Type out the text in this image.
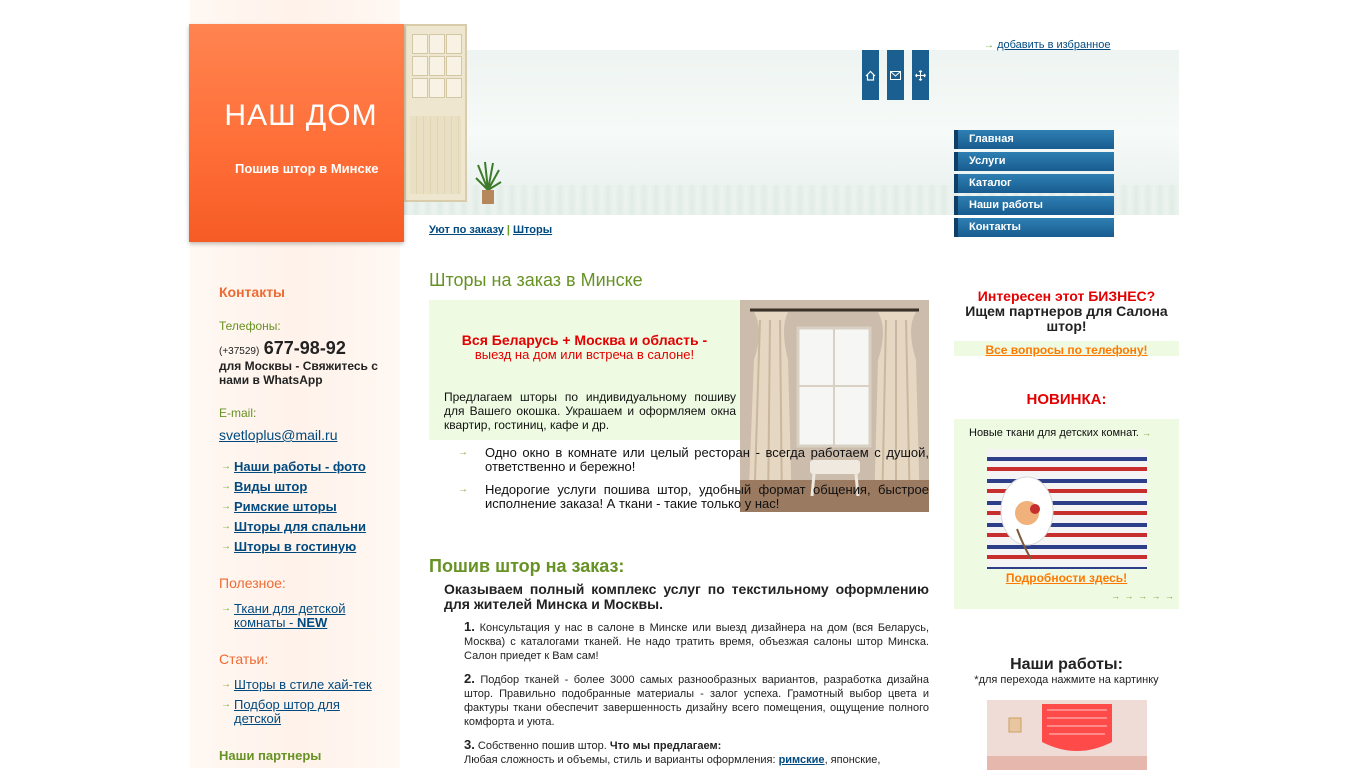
НАШ ДОМ
Пошив штор в Минске
→ добавить в избранное
Главная
Услуги
Каталог
Наши работы
Контакты
Уют по заказу | Шторы
Контакты
Телефоны:
(+37529) 677-98-92
для Москвы - Свяжитесь с нами в WhatsApp
E-mail:
svetloplus@mail.ru
→ Наши работы - фото
→ Виды штор
→ Римские шторы
→ Шторы для спальни
→ Шторы в гостиную
Полезное:
→ Ткани для детской комнаты - NEW
Статьи:
→ Шторы в стиле хай-тек
→ Подбор штор для детской
Наши партнеры
Шторы на заказ в Минске
Вся Беларусь + Москва и область -
выезд на дом или встреча в салоне!
Предлагаем шторы по индивидуальному пошиву для Вашего окошка. Украшаем и оформляем окна квартир, гостиниц, кафе и др.
→ Одно окно в комнате или целый ресторан - всегда работаем с душой, ответственно и бережно!
→ Недорогие услуги пошива штор, удобный формат общения, быстрое исполнение заказа! А ткани - такие только у нас!
Пошив штор на заказ:
Оказываем полный комплекс услуг по текстильному оформлению для жителей Минска и Москвы.
1. Консультация у нас в салоне в Минске или выезд дизайнера на дом (вся Беларусь, Москва) с каталогами тканей. Не надо тратить время, объезжая салоны штор Минска. Салон приедет к Вам сам!
2. Подбор тканей - более 3000 самых разнообразных вариантов, разработка дизайна штор. Правильно подобранные материалы - залог успеха. Грамотный выбор цвета и фактуры ткани обеспечит завершенность дизайну всего помещения, ощущение полного комфорта и уюта.
3. Собственно пошив штор. Что мы предлагаем:
Любая сложность и объемы, стиль и варианты оформления: римские, японские,
Интересен этот БИЗНЕС?
Ищем партнеров для Салона штор!
Все вопросы по телефону!
НОВИНКА:
Новые ткани для детских комнат. →
Подробности здесь!
→ → → → →
Наши работы:
*для перехода нажмите на картинку
